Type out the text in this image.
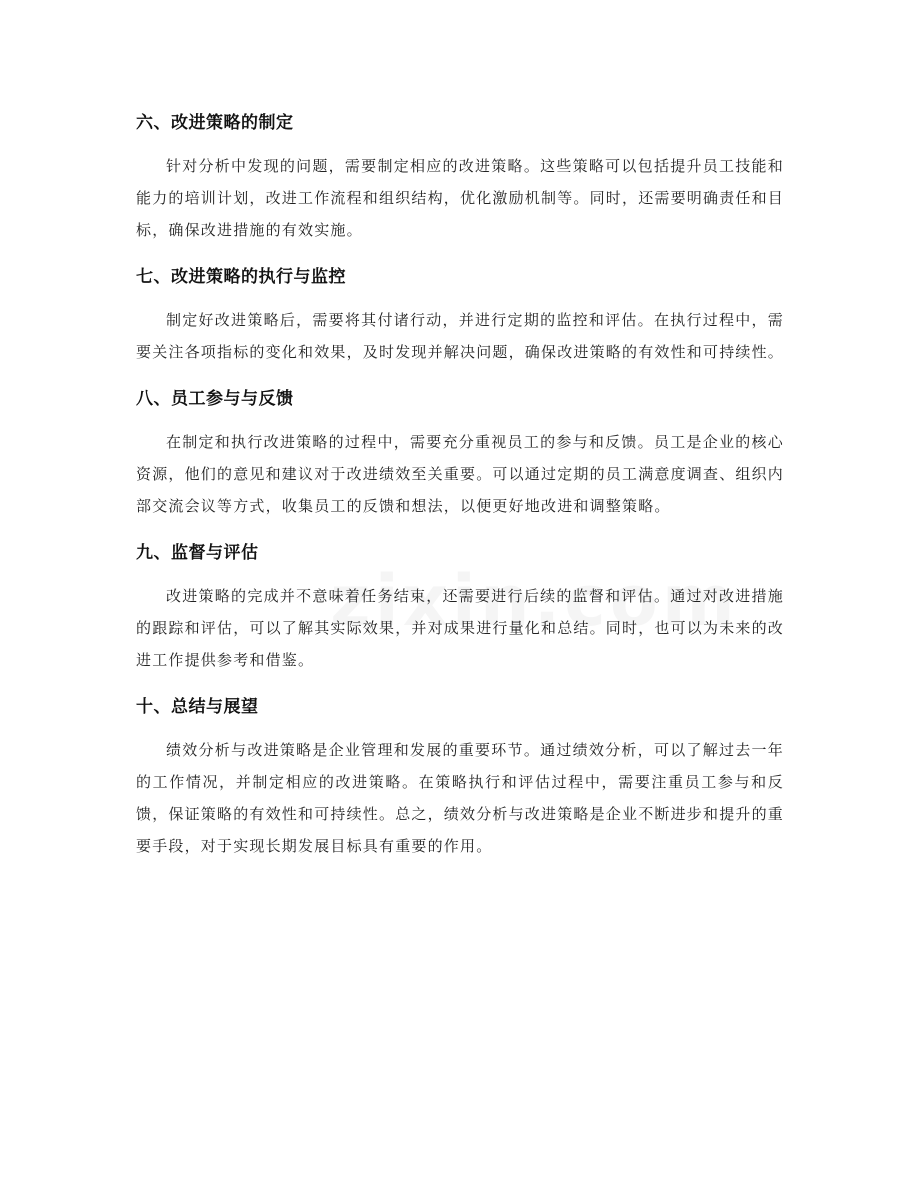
六、改进策略的制定

针对分析中发现的问题，需要制定相应的改进策略。这些策略可以包括提升员工技能和能力的培训计划，改进工作流程和组织结构，优化激励机制等。同时，还需要明确责任和目标，确保改进措施的有效实施。

七、改进策略的执行与监控

制定好改进策略后，需要将其付诸行动，并进行定期的监控和评估。在执行过程中，需要关注各项指标的变化和效果，及时发现并解决问题，确保改进策略的有效性和可持续性。

八、员工参与与反馈

在制定和执行改进策略的过程中，需要充分重视员工的参与和反馈。员工是企业的核心资源，他们的意见和建议对于改进绩效至关重要。可以通过定期的员工满意度调查、组织内部交流会议等方式，收集员工的反馈和想法，以便更好地改进和调整策略。

九、监督与评估

改进策略的完成并不意味着任务结束，还需要进行后续的监督和评估。通过对改进措施的跟踪和评估，可以了解其实际效果，并对成果进行量化和总结。同时，也可以为未来的改进工作提供参考和借鉴。

十、总结与展望

绩效分析与改进策略是企业管理和发展的重要环节。通过绩效分析，可以了解过去一年的工作情况，并制定相应的改进策略。在策略执行和评估过程中，需要注重员工参与和反馈，保证策略的有效性和可持续性。总之，绩效分析与改进策略是企业不断进步和提升的重要手段，对于实现长期发展目标具有重要的作用。
